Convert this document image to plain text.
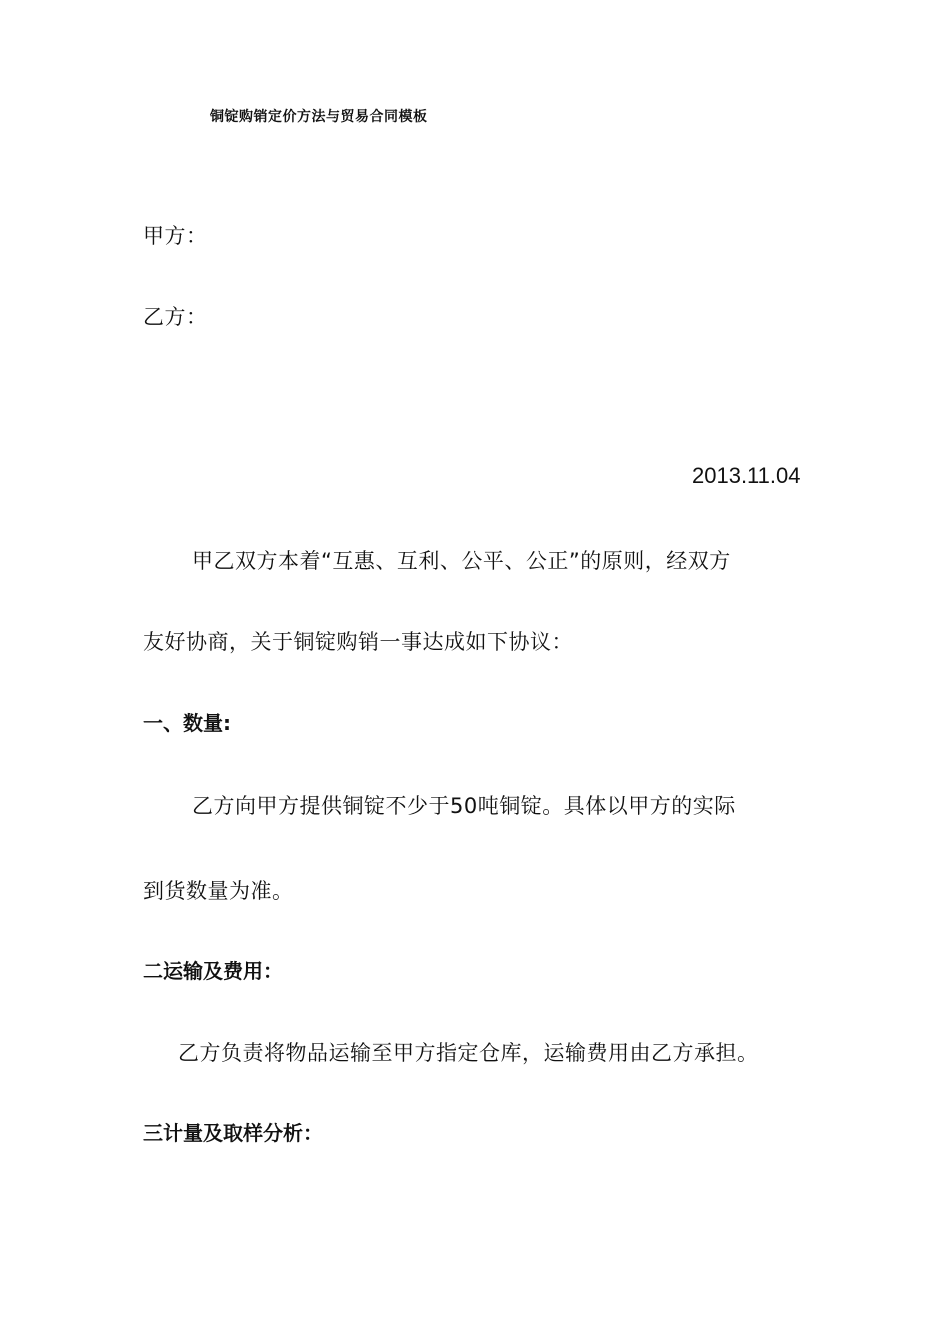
铜锭购销定价方法与贸易合同模板
甲方：
乙方：
2013.11.04
甲乙双方本着“互惠、互利、公平、公正”的原则，经双方
友好协商，关于铜锭购销一事达成如下协议：
一、数量:
乙方向甲方提供铜锭不少于50吨铜锭。具体以甲方的实际
到货数量为准。
二运输及费用：
乙方负责将物品运输至甲方指定仓库，运输费用由乙方承担。
三计量及取样分析：
